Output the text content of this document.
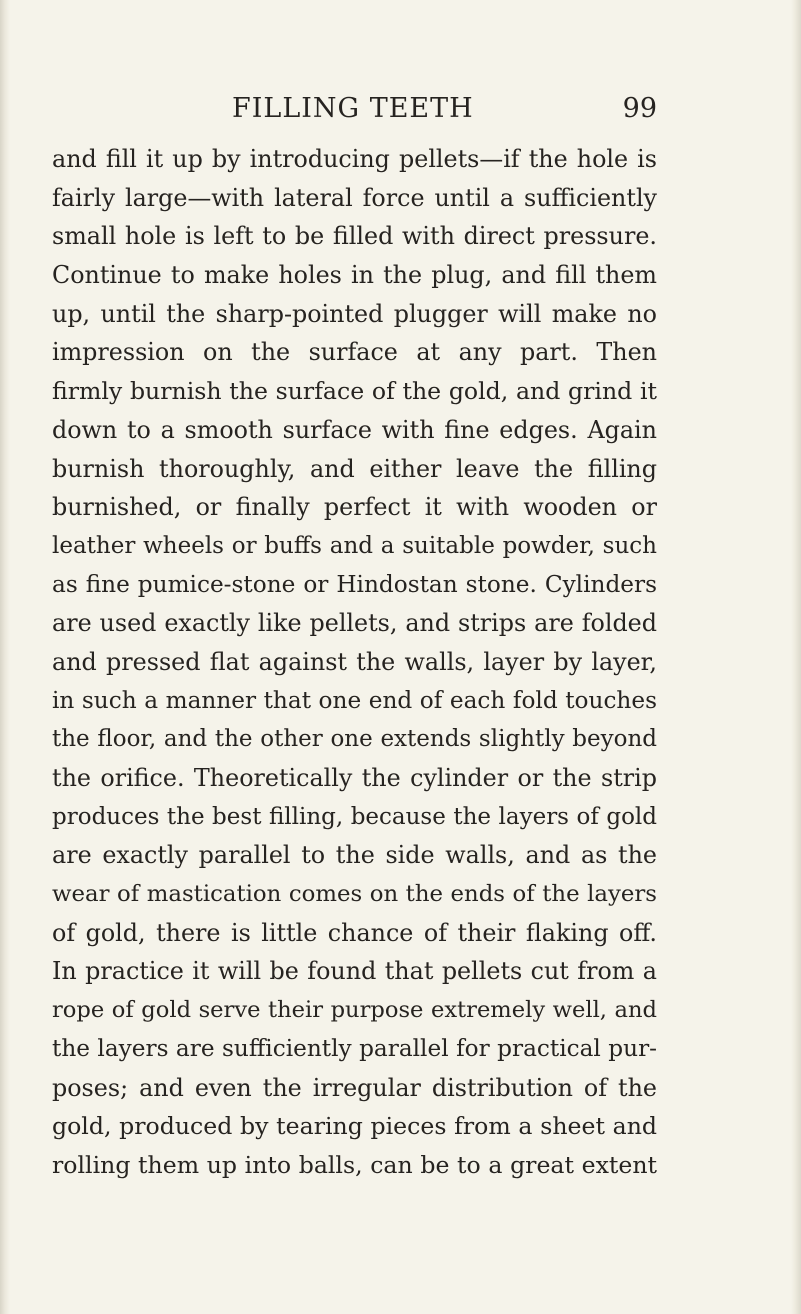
FILLING TEETH	99
and fill it up by introducing pellets—if the hole is
fairly large—with lateral force until a sufficiently
small hole is left to be filled with direct pressure.
Continue to make holes in the plug, and fill them
up, until the sharp-pointed plugger will make no
impression on the surface at any part. Then
firmly burnish the surface of the gold, and grind it
down to a smooth surface with fine edges. Again
burnish thoroughly, and either leave the filling
burnished, or finally perfect it with wooden or
leather wheels or buffs and a suitable powder, such
as fine pumice-stone or Hindostan stone. Cylinders
are used exactly like pellets, and strips are folded
and pressed flat against the walls, layer by layer,
in such a manner that one end of each fold touches
the floor, and the other one extends slightly beyond
the orifice. Theoretically the cylinder or the strip
produces the best filling, because the layers of gold
are exactly parallel to the side walls, and as the
wear of mastication comes on the ends of the layers
of gold, there is little chance of their flaking off.
In practice it will be found that pellets cut from a
rope of gold serve their purpose extremely well, and
the layers are sufficiently parallel for practical pur-
poses; and even the irregular distribution of the
gold, produced by tearing pieces from a sheet and
rolling them up into balls, can be to a great extent
